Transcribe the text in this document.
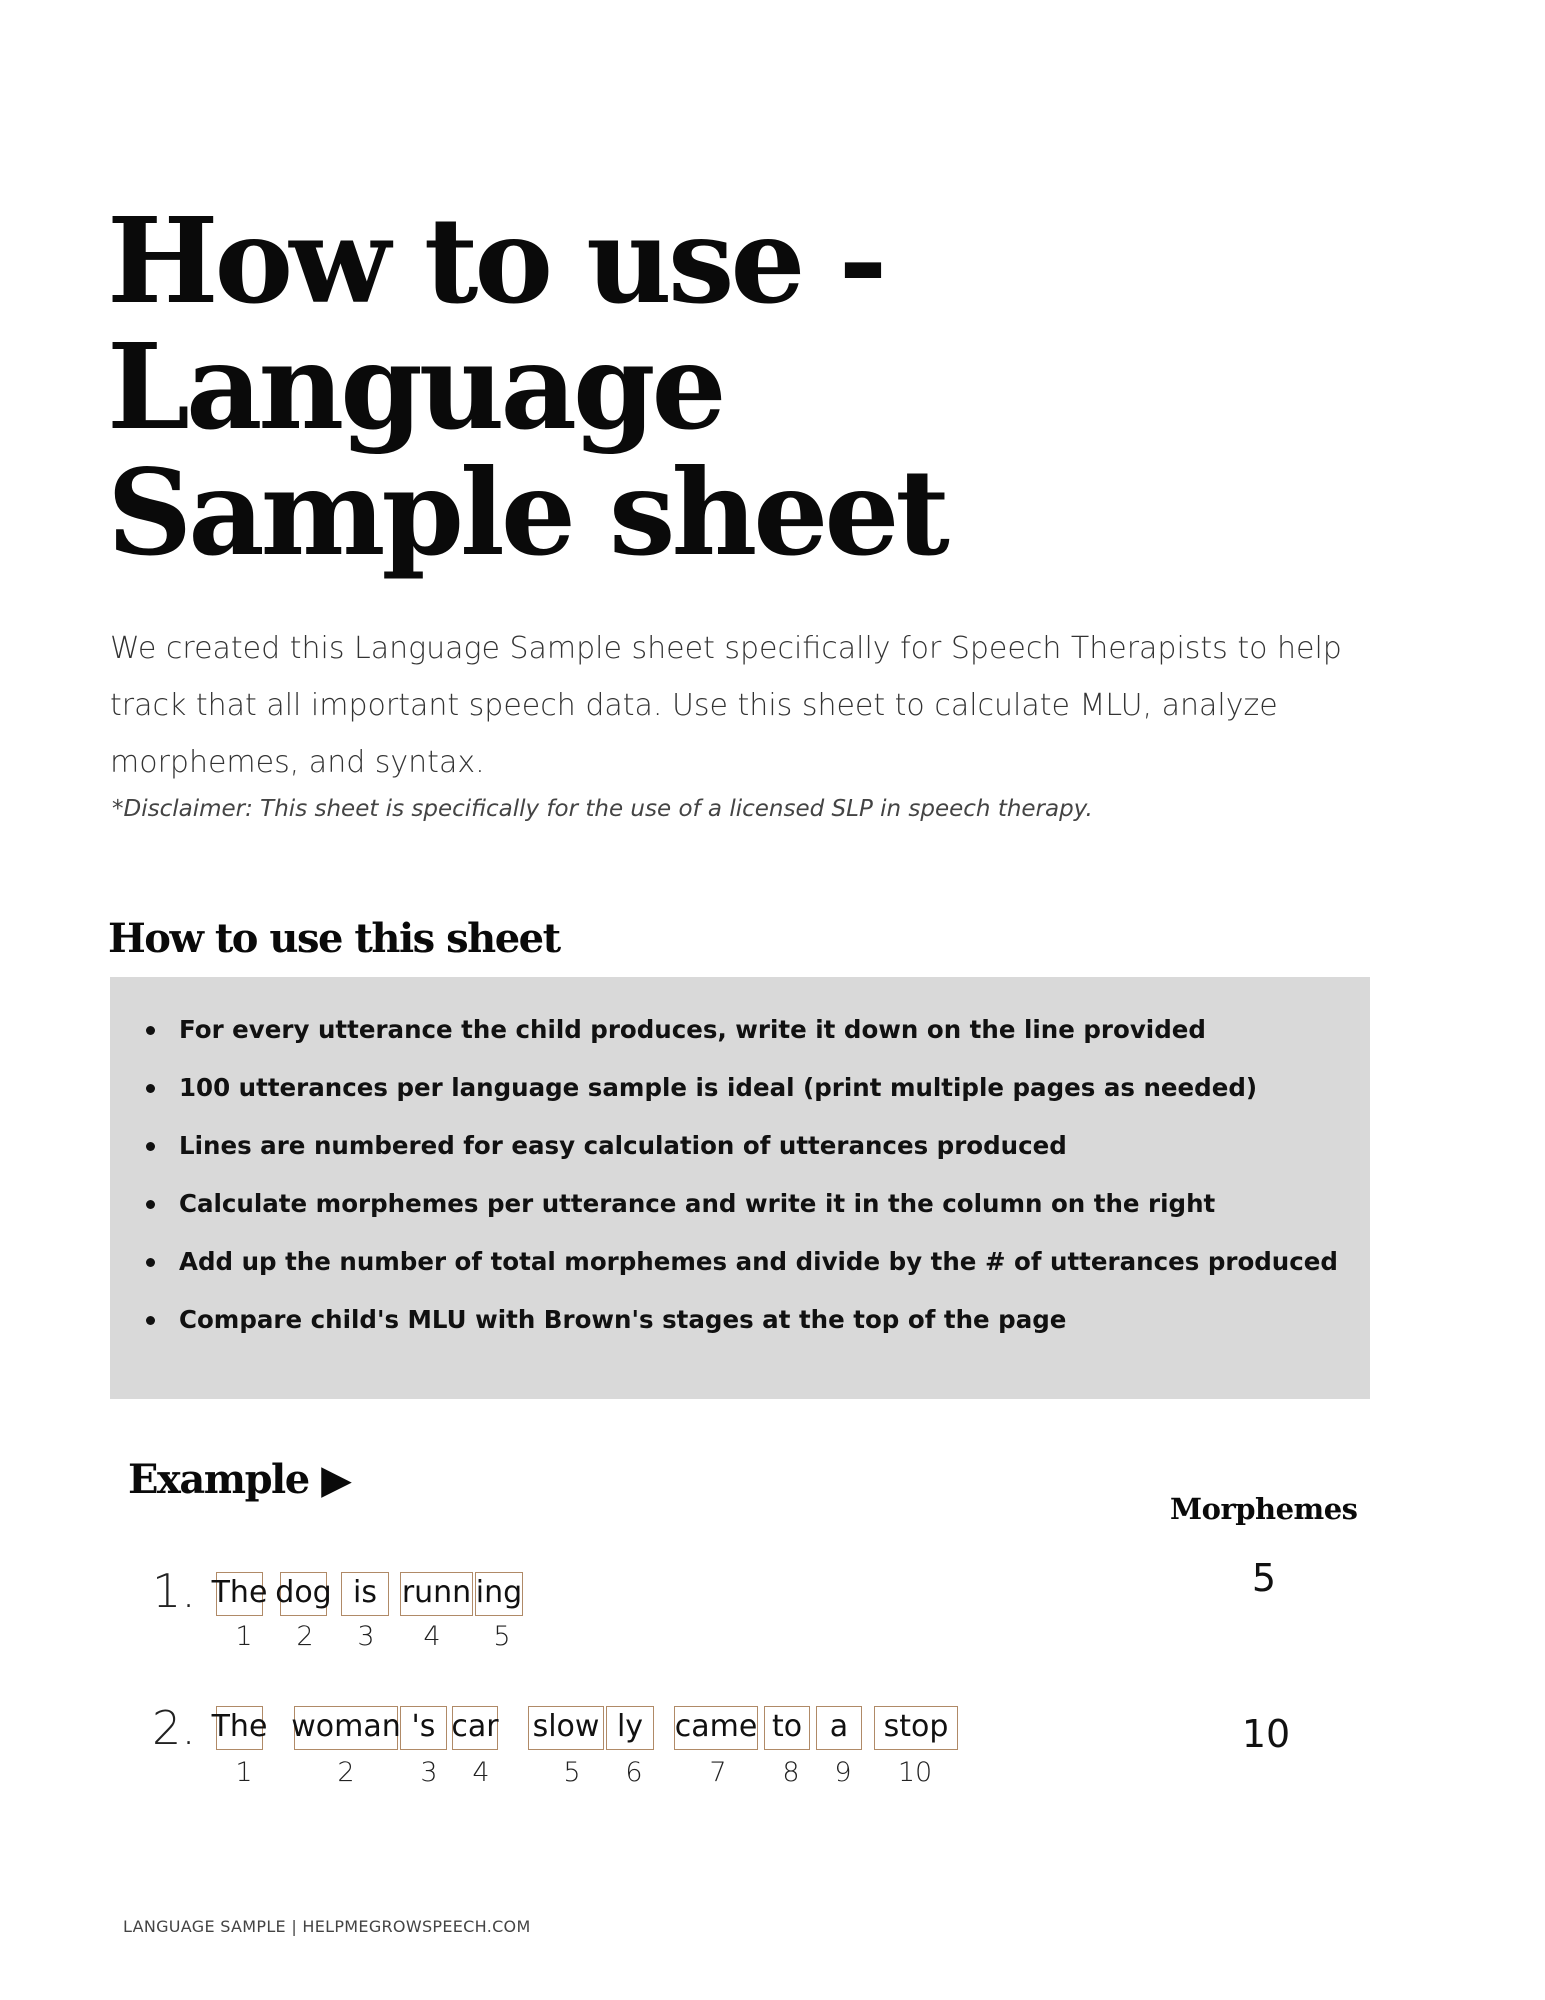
How to use -
Language
Sample sheet

We created this Language Sample sheet specifically for Speech Therapists to help track that all important speech data. Use this sheet to calculate MLU, analyze morphemes, and syntax.

*Disclaimer: This sheet is specifically for the use of a licensed SLP in speech therapy.

How to use this sheet
For every utterance the child produces, write it down on the line provided
100 utterances per language sample is ideal (print multiple pages as needed)
Lines are numbered for easy calculation of utterances produced
Calculate morphemes per utterance and write it in the column on the right
Add up the number of total morphemes and divide by the # of utterances produced
Compare child's MLU with Brown's stages at the top of the page
Example ▶
Morphemes
1. The dog is runn ing
1	2	3	4	5
5
2. The woman 's car slow ly	came to a	stop
1	2	3	4	5	6	7	8	9	10
10

LANGUAGE SAMPLE | HELPMEGROWSPEECH.COM
